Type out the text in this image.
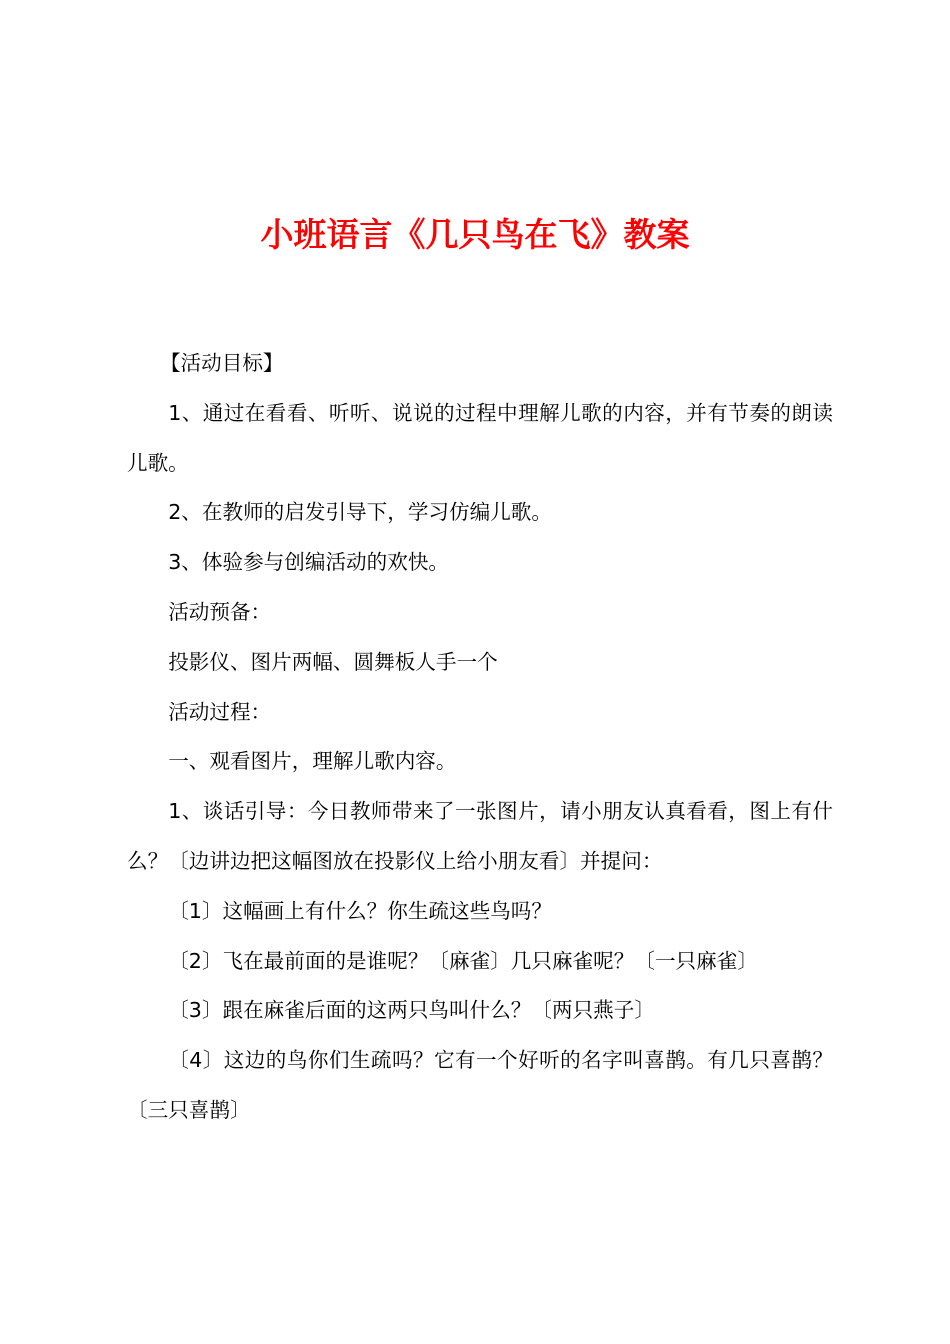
小班语言《几只鸟在飞》教案

【活动目标】

1、通过在看看、听听、说说的过程中理解儿歌的内容，并有节奏的朗读儿歌。

2、在教师的启发引导下，学习仿编儿歌。

3、体验参与创编活动的欢快。

活动预备：

投影仪、图片两幅、圆舞板人手一个

活动过程：

一、观看图片，理解儿歌内容。

1、谈话引导：今日教师带来了一张图片，请小朋友认真看看，图上有什么？〔边讲边把这幅图放在投影仪上给小朋友看〕并提问：

〔1〕这幅画上有什么？你生疏这些鸟吗？

〔2〕飞在最前面的是谁呢？〔麻雀〕几只麻雀呢？〔一只麻雀〕

〔3〕跟在麻雀后面的这两只鸟叫什么？〔两只燕子〕

〔4〕这边的鸟你们生疏吗？它有一个好听的名字叫喜鹊。有几只喜鹊？〔三只喜鹊〕
